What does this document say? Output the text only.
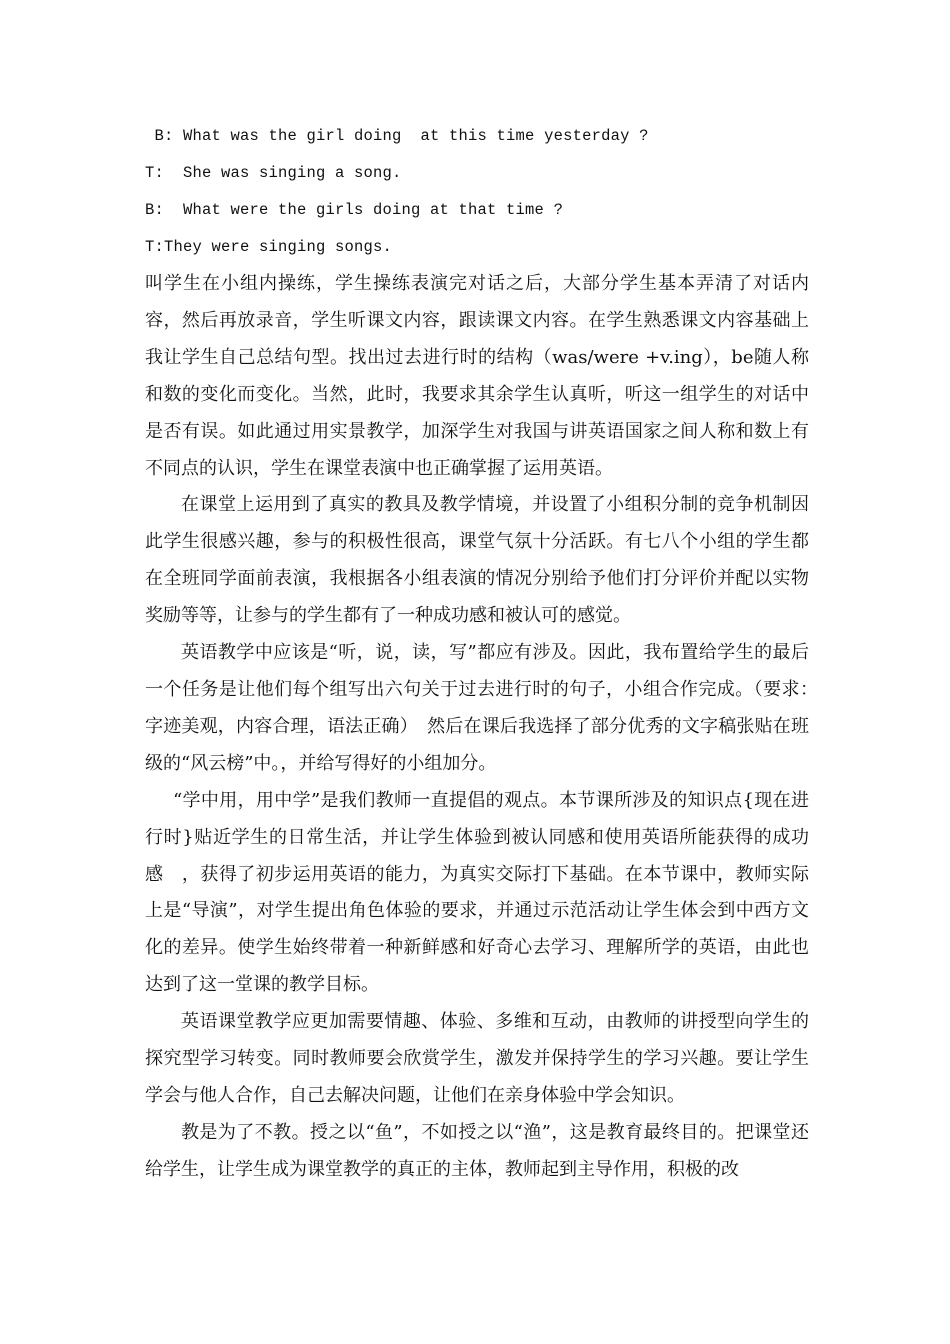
B: What was the girl doing  at this time yesterday ?
T:  She was singing a song.
B:  What were the girls doing at that time ?
T:They were singing songs.

叫学生在小组内操练，学生操练表演完对话之后，大部分学生基本弄清了对话内容，然后再放录音，学生听课文内容，跟读课文内容。在学生熟悉课文内容基础上我让学生自己总结句型。找出过去进行时的结构（was/were +v.ing），be随人称和数的变化而变化。当然，此时，我要求其余学生认真听，听这一组学生的对话中是否有误。如此通过用实景教学，加深学生对我国与讲英语国家之间人称和数上有不同点的认识，学生在课堂表演中也正确掌握了运用英语。

在课堂上运用到了真实的教具及教学情境，并设置了小组积分制的竞争机制因此学生很感兴趣，参与的积极性很高，课堂气氛十分活跃。有七八个小组的学生都在全班同学面前表演，我根据各小组表演的情况分别给予他们打分评价并配以实物奖励等等，让参与的学生都有了一种成功感和被认可的感觉。

英语教学中应该是“听，说，读，写”都应有涉及。因此，我布置给学生的最后一个任务是让他们每个组写出六句关于过去进行时的句子，小组合作完成。（要求：　字迹美观，内容合理，语法正确）　然后在课后我选择了部分优秀的文字稿张贴在班级的“风云榜”中。，并给写得好的小组加分。

“学中用，用中学”是我们教师一直提倡的观点。本节课所涉及的知识点{现在进行时}贴近学生的日常生活，并让学生体验到被认同感和使用英语所能获得的成功感　，获得了初步运用英语的能力，为真实交际打下基础。在本节课中，教师实际上是“导演”，对学生提出角色体验的要求，并通过示范活动让学生体会到中西方文化的差异。使学生始终带着一种新鲜感和好奇心去学习、理解所学的英语，由此也达到了这一堂课的教学目标。

英语课堂教学应更加需要情趣、体验、多维和互动，由教师的讲授型向学生的探究型学习转变。同时教师要会欣赏学生，激发并保持学生的学习兴趣。要让学生学会与他人合作，自己去解决问题，让他们在亲身体验中学会知识。

教是为了不教。授之以“鱼”，不如授之以“渔”，这是教育最终目的。把课堂还给学生，让学生成为课堂教学的真正的主体，教师起到主导作用，积极的改
